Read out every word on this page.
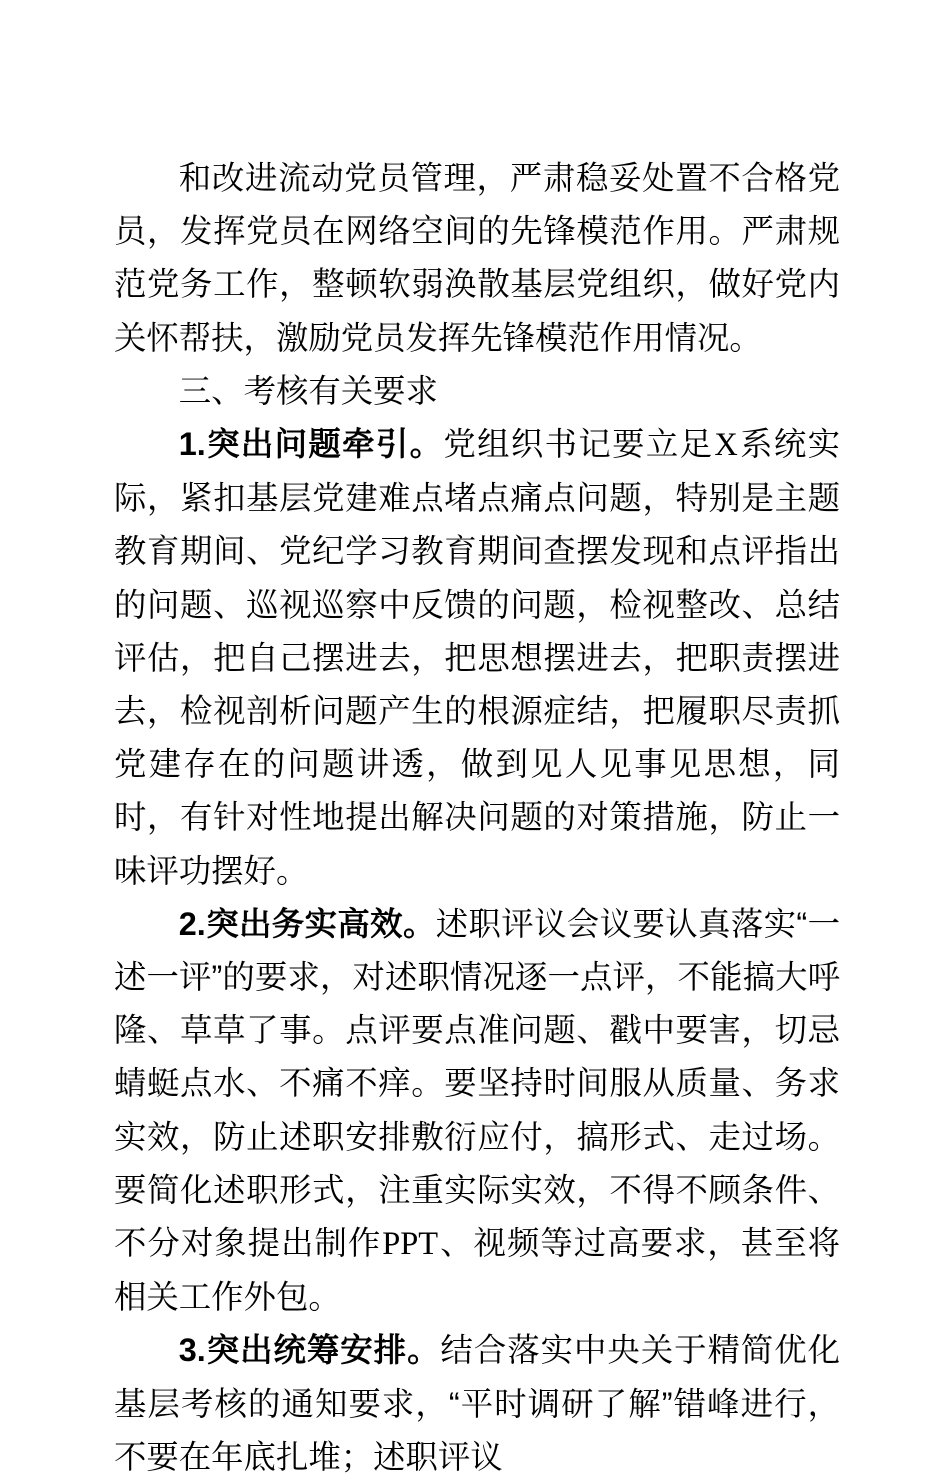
和改进流动党员管理，严肃稳妥处置不合格党员，发挥党员在网络空间的先锋模范作用。严肃规范党务工作，整顿软弱涣散基层党组织，做好党内关怀帮扶，激励党员发挥先锋模范作用情况。

三、考核有关要求

1.突出问题牵引。党组织书记要立足X系统实际，紧扣基层党建难点堵点痛点问题，特别是主题教育期间、党纪学习教育期间查摆发现和点评指出的问题、巡视巡察中反馈的问题，检视整改、总结评估，把自己摆进去，把思想摆进去，把职责摆进去，检视剖析问题产生的根源症结，把履职尽责抓党建存在的问题讲透，做到见人见事见思想，同时，有针对性地提出解决问题的对策措施，防止一味评功摆好。

2.突出务实高效。述职评议会议要认真落实“一述一评”的要求，对述职情况逐一点评，不能搞大呼隆、草草了事。点评要点准问题、戳中要害，切忌蜻蜓点水、不痛不痒。要坚持时间服从质量、务求实效，防止述职安排敷衍应付，搞形式、走过场。要简化述职形式，注重实际实效，不得不顾条件、不分对象提出制作PPT、视频等过高要求，甚至将相关工作外包。

3.突出统筹安排。结合落实中央关于精简优化基层考核的通知要求，“平时调研了解”错峰进行，不要在年底扎堆；述职评议
